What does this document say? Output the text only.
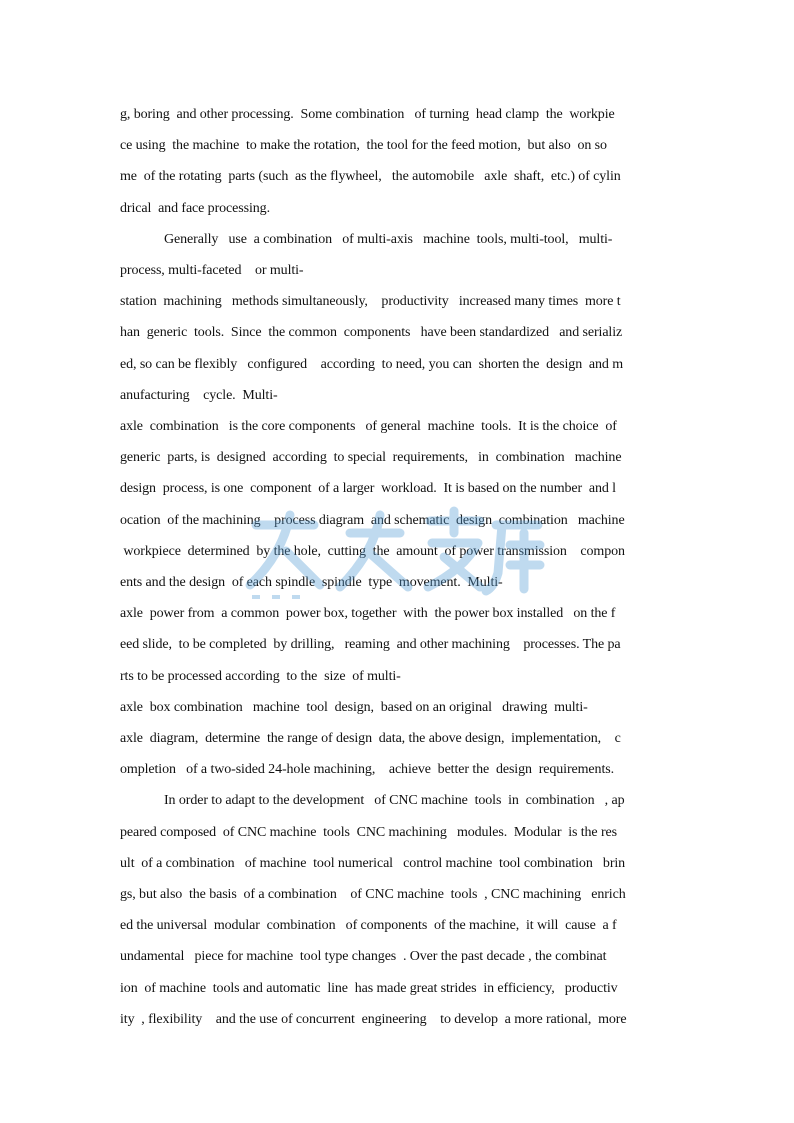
g, boring  and other processing.  Some combination   of turning  head clamp  the  workpie
ce using  the machine  to make the rotation,  the tool for the feed motion,  but also  on so
me  of the rotating  parts (such  as the flywheel,   the automobile   axle  shaft,  etc.) of cylin
drical  and face processing.
Generally   use  a combination   of multi-axis   machine  tools, multi-tool,   multi-
process, multi-faceted    or multi-
station  machining   methods simultaneously,    productivity   increased many times  more t
han  generic  tools.  Since  the common  components   have been standardized   and serializ
ed, so can be flexibly   configured    according  to need, you can  shorten the  design  and m
anufacturing    cycle.  Multi-
axle  combination   is the core components   of general  machine  tools.  It is the choice  of
generic  parts, is  designed  according  to special  requirements,   in  combination   machine
design  process, is one  component  of a larger  workload.  It is based on the number  and l
ocation  of the machining    process diagram  and schematic  design  combination   machine
workpiece  determined  by the hole,  cutting  the  amount  of power transmission    compon
ents and the design  of each spindle  spindle  type  movement.  Multi-
axle  power from  a common  power box, together  with  the power box installed   on the f
eed slide,  to be completed  by drilling,   reaming  and other machining    processes. The pa
rts to be processed according  to the  size  of multi-
axle  box combination   machine  tool  design,  based on an original   drawing  multi-
axle  diagram,  determine  the range of design  data, the above design,  implementation,    c
ompletion   of a two-sided 24-hole machining,    achieve  better the  design  requirements.
In order to adapt to the development   of CNC machine  tools  in  combination   , ap
peared composed  of CNC machine  tools  CNC machining   modules.  Modular  is the res
ult  of a combination   of machine  tool numerical   control machine  tool combination   brin
gs, but also  the basis  of a combination    of CNC machine  tools  , CNC machining   enrich
ed the universal  modular  combination   of components  of the machine,  it will  cause  a f
undamental   piece for machine  tool type changes  . Over the past decade , the combinat
ion  of machine  tools and automatic  line  has made great strides  in efficiency,   productiv
ity  , flexibility    and the use of concurrent  engineering    to develop  a more rational,  more
